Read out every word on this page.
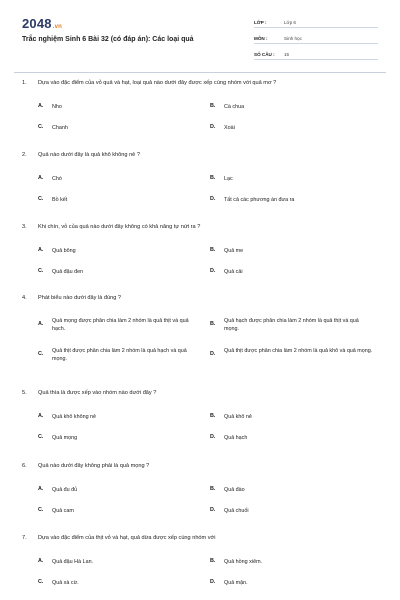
2048.vn
Trắc nghiệm Sinh 6 Bài 32 (có đáp án): Các loại quả
LỚP :	Lớp 6
MÔN :	Sinh học
SỐ CÂU :	15
1. Dựa vào đặc điểm của vỏ quả và hạt, loại quả nào dưới đây được xếp cùng nhóm với quả mơ ?
A.	Nho	B.	Cà chua
C.	Chanh	D.	Xoài
2. Quả nào dưới đây là quả khô không nẻ ?
A.	Chò	B.	Lạc
C.	Bồ kết	D.	Tất cả các phương án đưa ra
3. Khi chín, vỏ của quả nào dưới đây không có khả năng tự nứt ra ?
A.	Quả bông	B.	Quả me
C.	Quả đậu đen	D.	Quả cải
4. Phát biểu nào dưới đây là đúng ?
A.	Quả mọng được phân chia làm 2 nhóm là quả thịt và quả hạch.
B.	Quả hạch được phân chia làm 2 nhóm là quả thịt và quả mọng.
C.	Quả thịt được phân chia làm 2 nhóm là quả hạch và quả mọng.
D.	Quả thịt được phân chia làm 2 nhóm là quả khô và quả mọng.
5. Quả thìa là được xếp vào nhóm nào dưới đây ?
A.	Quả khô không nẻ	B.	Quả khô nẻ
C.	Quả mọng	D.	Quả hạch
6. Quả nào dưới đây không phải là quả mọng ?
A.	Quả đu đủ	B.	Quả đào
C.	Quả cam	D.	Quả chuối
7. Dựa vào đặc điểm của thịt vỏ và hạt, quả dừa được xếp cùng nhóm với
A.	Quả đậu Hà Lan.	B.	Quả hồng xiêm.
C.	Quả xà cừ.	D.	Quả mận.
